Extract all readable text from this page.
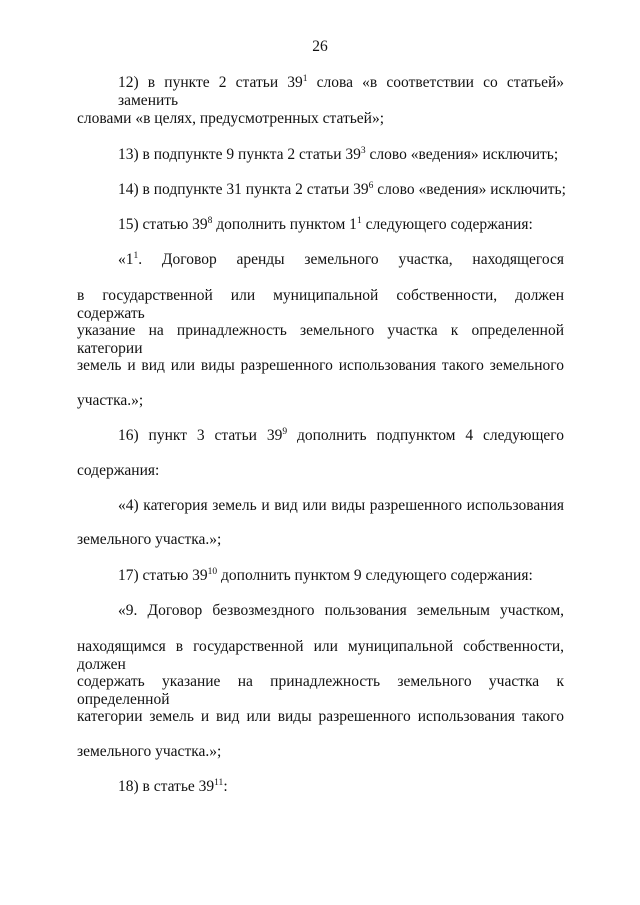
26
12) в пункте 2 статьи $39^1$ слова «в соответствии со статьей» заменить
словами «в целях, предусмотренных статьей»;
13) в подпункте 9 пункта 2 статьи $39^3$ слово «ведения» исключить;
14) в подпункте 31 пункта 2 статьи $39^6$ слово «ведения» исключить;
15) статью $39^8$ дополнить пунктом $1^1$ следующего содержания:
«$1^1$. Договор аренды земельного участка, находящегося
в государственной или муниципальной собственности, должен содержать
указание на принадлежность земельного участка к определенной категории
земель и вид или виды разрешенного использования такого земельного
участка.»;
16) пункт 3 статьи $39^9$ дополнить подпунктом 4 следующего
содержания:
«4) категория земель и вид или виды разрешенного использования
земельного участка.»;
17) статью $39^{10}$ дополнить пунктом 9 следующего содержания:
«9. Договор безвозмездного пользования земельным участком,
находящимся в государственной или муниципальной собственности, должен
содержать указание на принадлежность земельного участка к определенной
категории земель и вид или виды разрешенного использования такого
земельного участка.»;
18) в статье $39^{11}$:
